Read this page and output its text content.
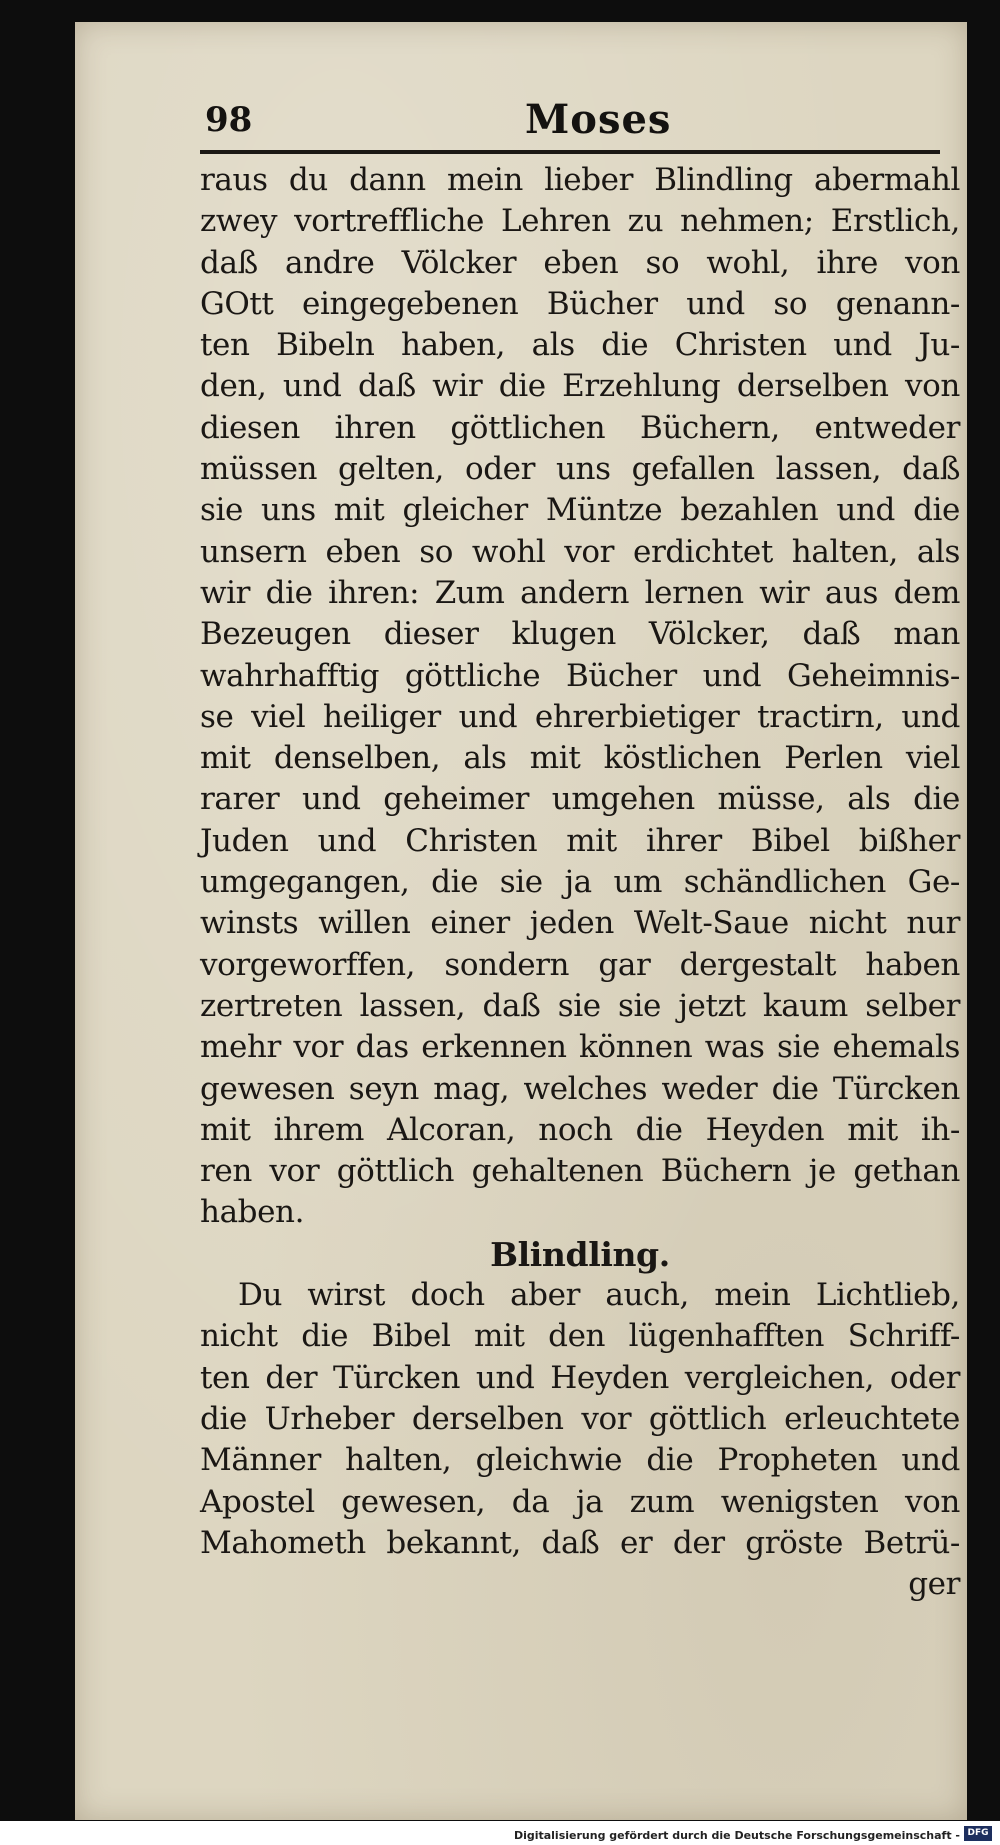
98	Moses
raus du dann mein lieber Blindling abermahl
zwey vortreffliche Lehren zu nehmen; Erstlich,
daß andre Völcker eben so wohl, ihre von
GOtt eingegebenen Bücher und so genann-
ten Bibeln haben, als die Christen und Ju-
den, und daß wir die Erzehlung derselben von
diesen ihren göttlichen Büchern, entweder
müssen gelten, oder uns gefallen lassen, daß
sie uns mit gleicher Müntze bezahlen und die
unsern eben so wohl vor erdichtet halten, als
wir die ihren: Zum andern lernen wir aus dem
Bezeugen dieser klugen Völcker, daß man
wahrhafftig göttliche Bücher und Geheimnis-
se viel heiliger und ehrerbietiger tractirn, und
mit denselben, als mit köstlichen Perlen viel
rarer und geheimer umgehen müsse, als die
Juden und Christen mit ihrer Bibel bißher
umgegangen, die sie ja um schändlichen Ge-
winsts willen einer jeden Welt-Saue nicht nur
vorgeworffen, sondern gar dergestalt haben
zertreten lassen, daß sie sie jetzt kaum selber
mehr vor das erkennen können was sie ehemals
gewesen seyn mag, welches weder die Türcken
mit ihrem Alcoran, noch die Heyden mit ih-
ren vor göttlich gehaltenen Büchern je gethan
haben.
Blindling.
Du wirst doch aber auch, mein Lichtlieb,
nicht die Bibel mit den lügenhafften Schriff-
ten der Türcken und Heyden vergleichen, oder
die Urheber derselben vor göttlich erleuchtete
Männer halten, gleichwie die Propheten und
Apostel gewesen, da ja zum wenigsten von
Mahometh bekannt, daß er der gröste Betrü-
ger
Digitalisierung gefördert durch die Deutsche Forschungsgemeinschaft - DFG
